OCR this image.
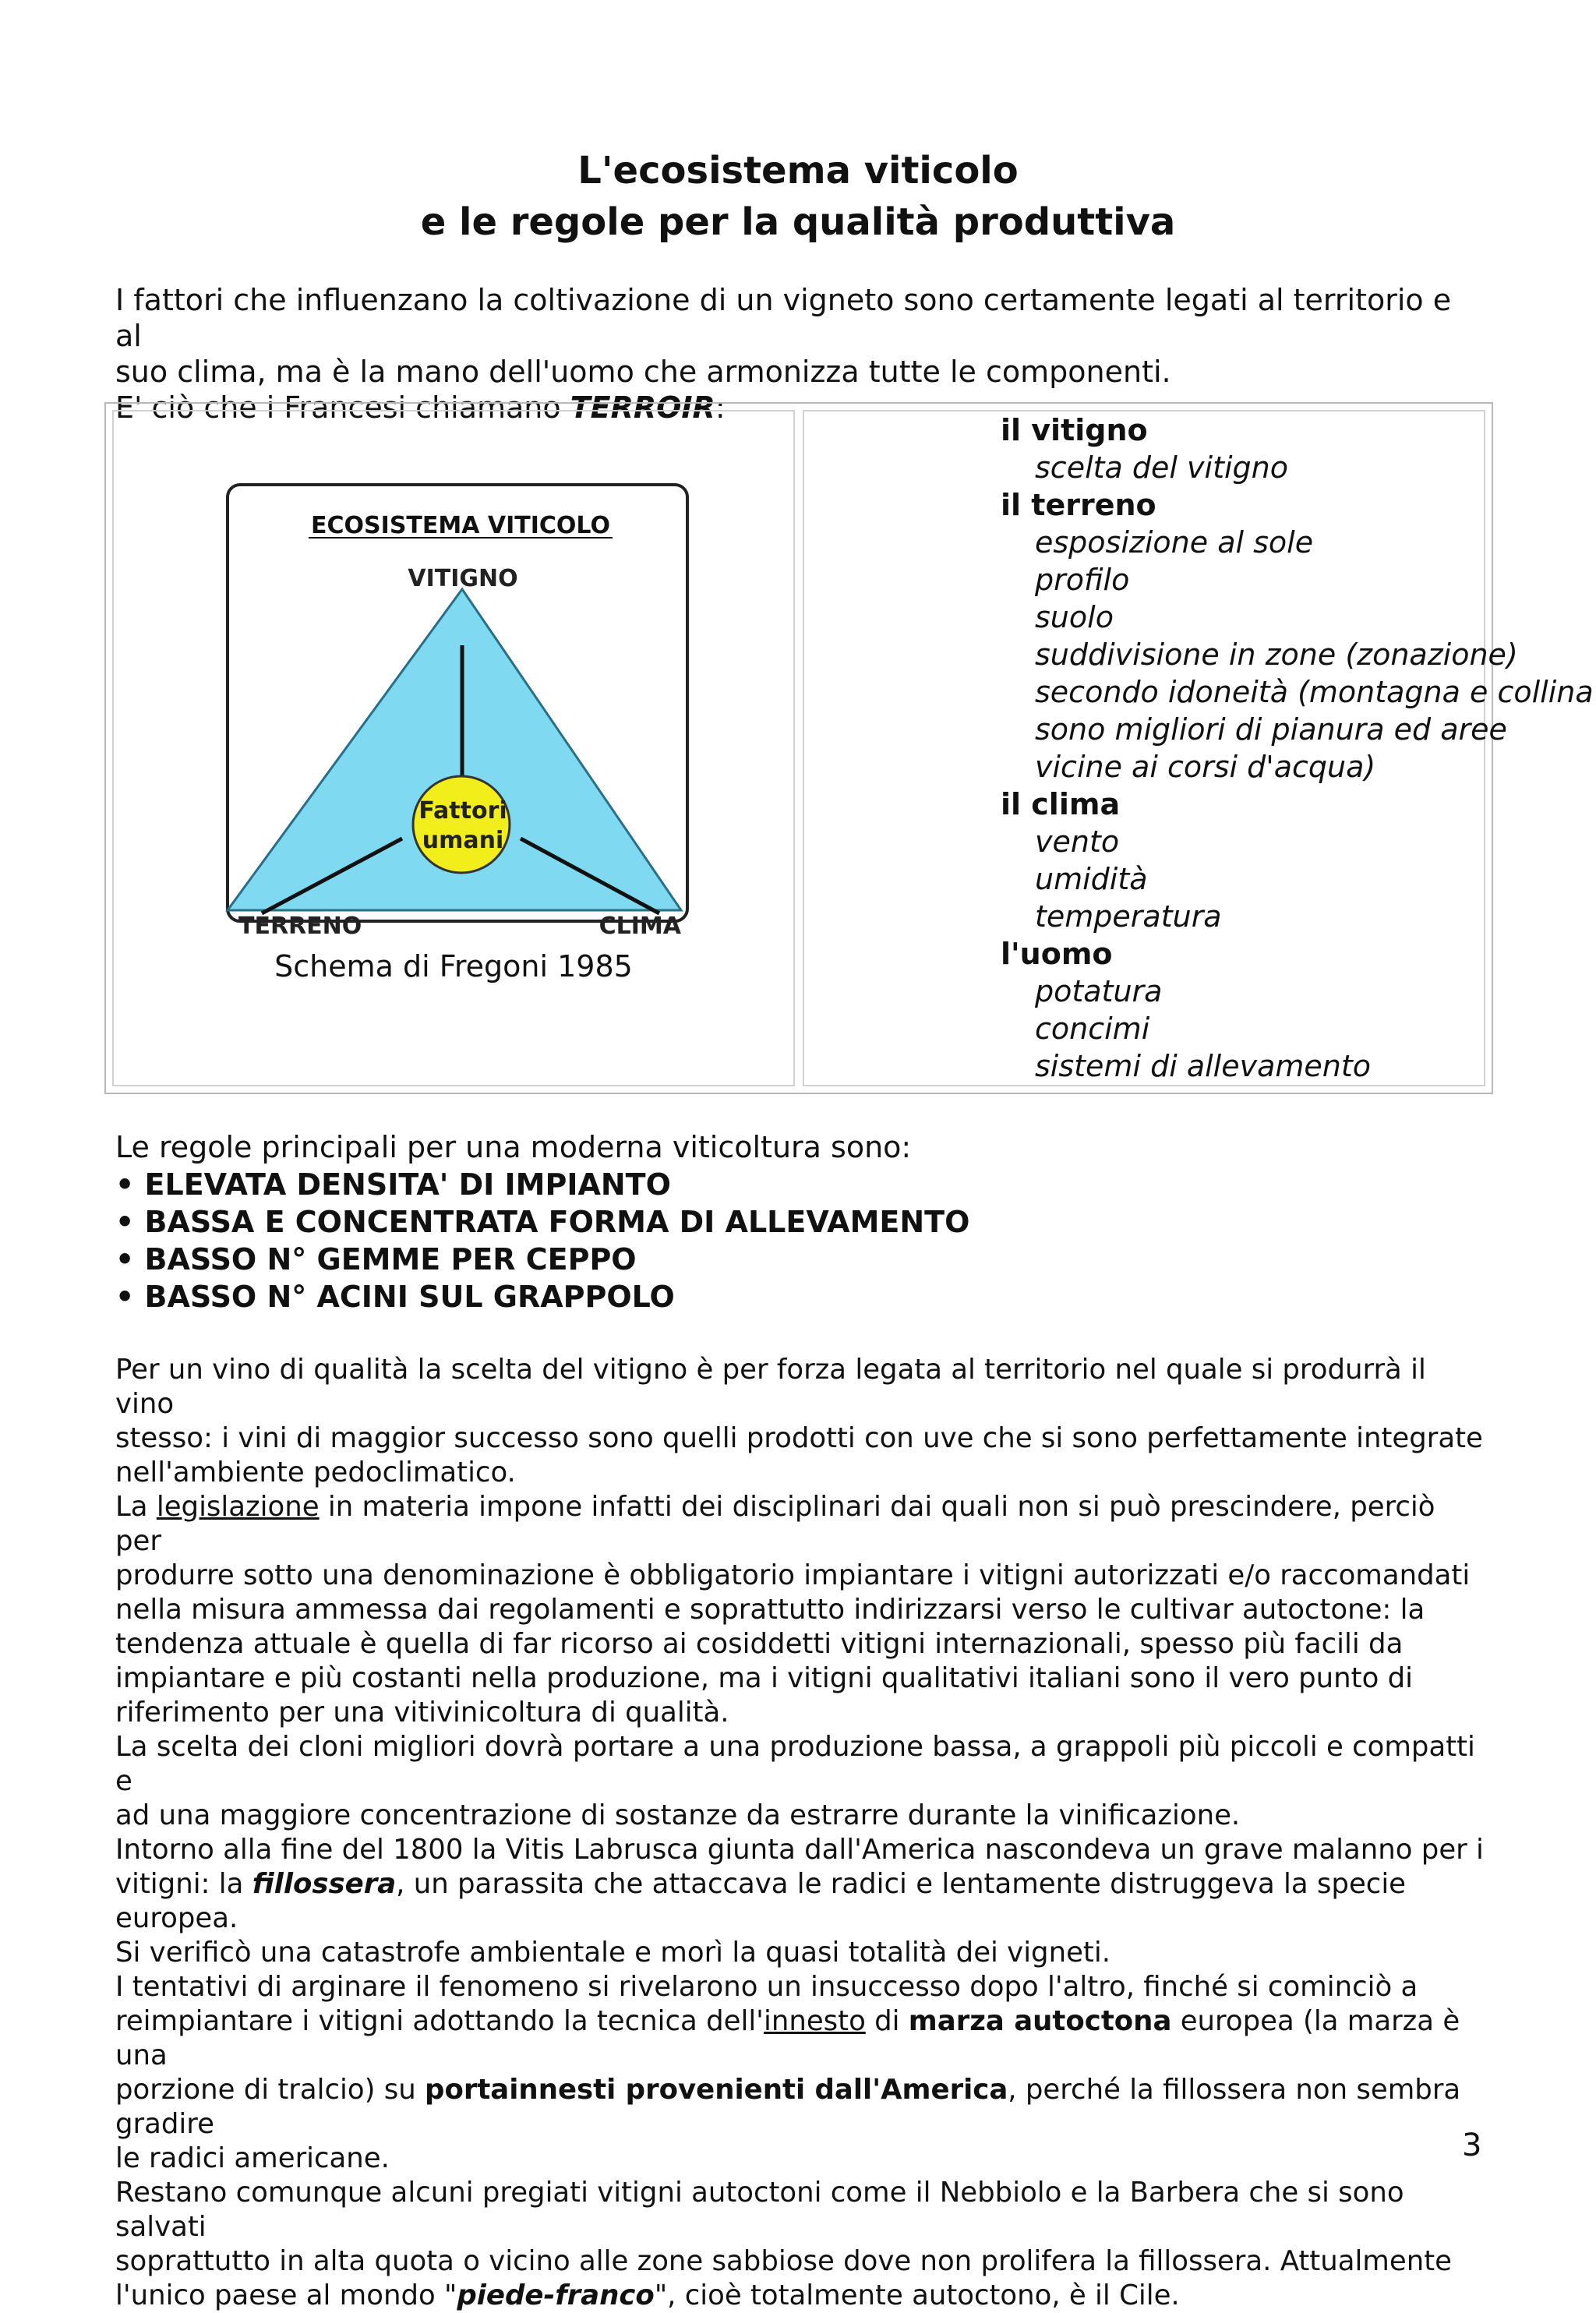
L'ecosistema viticolo
e le regole per la qualità produttiva

I fattori che influenzano la coltivazione di un vigneto sono certamente legati al territorio e al

suo clima, ma è la mano dell'uomo che armonizza tutte le componenti.

E' ciò che i Francesi chiamano TERROIR:

ECOSISTEMA VITICOLO
VITIGNO
Fattori
umani
TERRENO	CLIMA
Schema di Fregoni 1985
il vitigno
scelta del vitigno
il terreno
esposizione al sole
profilo
suolo
suddivisione in zone (zonazione)
secondo idoneità (montagna e collina
sono migliori di pianura ed aree
vicine ai corsi d'acqua)
il clima
vento
umidità
temperatura
l'uomo
potatura
concimi
sistemi di allevamento
Le regole principali per una moderna viticoltura sono:
• ELEVATA DENSITA' DI IMPIANTO
• BASSA E CONCENTRATA FORMA DI ALLEVAMENTO
• BASSO N° GEMME PER CEPPO
• BASSO N° ACINI SUL GRAPPOLO

Per un vino di qualità la scelta del vitigno è per forza legata al territorio nel quale si produrrà il vino

stesso: i vini di maggior successo sono quelli prodotti con uve che si sono perfettamente integrate

nell'ambiente pedoclimatico.

La legislazione in materia impone infatti dei disciplinari dai quali non si può prescindere, perciò per

produrre sotto una denominazione è obbligatorio impiantare i vitigni autorizzati e/o raccomandati

nella misura ammessa dai regolamenti e soprattutto indirizzarsi verso le cultivar autoctone: la

tendenza attuale è quella di far ricorso ai cosiddetti vitigni internazionali, spesso più facili da

impiantare e più costanti nella produzione, ma i vitigni qualitativi italiani sono il vero punto di

riferimento per una vitivinicoltura di qualità.

La scelta dei cloni migliori dovrà portare a una produzione bassa, a grappoli più piccoli e compatti e

ad una maggiore concentrazione di sostanze da estrarre durante la vinificazione.

Intorno alla fine del 1800 la Vitis Labrusca giunta dall'America nascondeva un grave malanno per i

vitigni: la fillossera, un parassita che attaccava le radici e lentamente distruggeva la specie europea.

Si verificò una catastrofe ambientale e morì la quasi totalità dei vigneti.

I tentativi di arginare il fenomeno si rivelarono un insuccesso dopo l'altro, finché si cominciò a

reimpiantare i vitigni adottando la tecnica dell'innesto di marza autoctona europea (la marza è una

porzione di tralcio) su portainnesti provenienti dall'America, perché la fillossera non sembra gradire

le radici americane.

Restano comunque alcuni pregiati vitigni autoctoni come il Nebbiolo e la Barbera che si sono salvati

soprattutto in alta quota o vicino alle zone sabbiose dove non prolifera la fillossera. Attualmente

l'unico paese al mondo "piede-franco", cioè totalmente autoctono, è il Cile.

3
